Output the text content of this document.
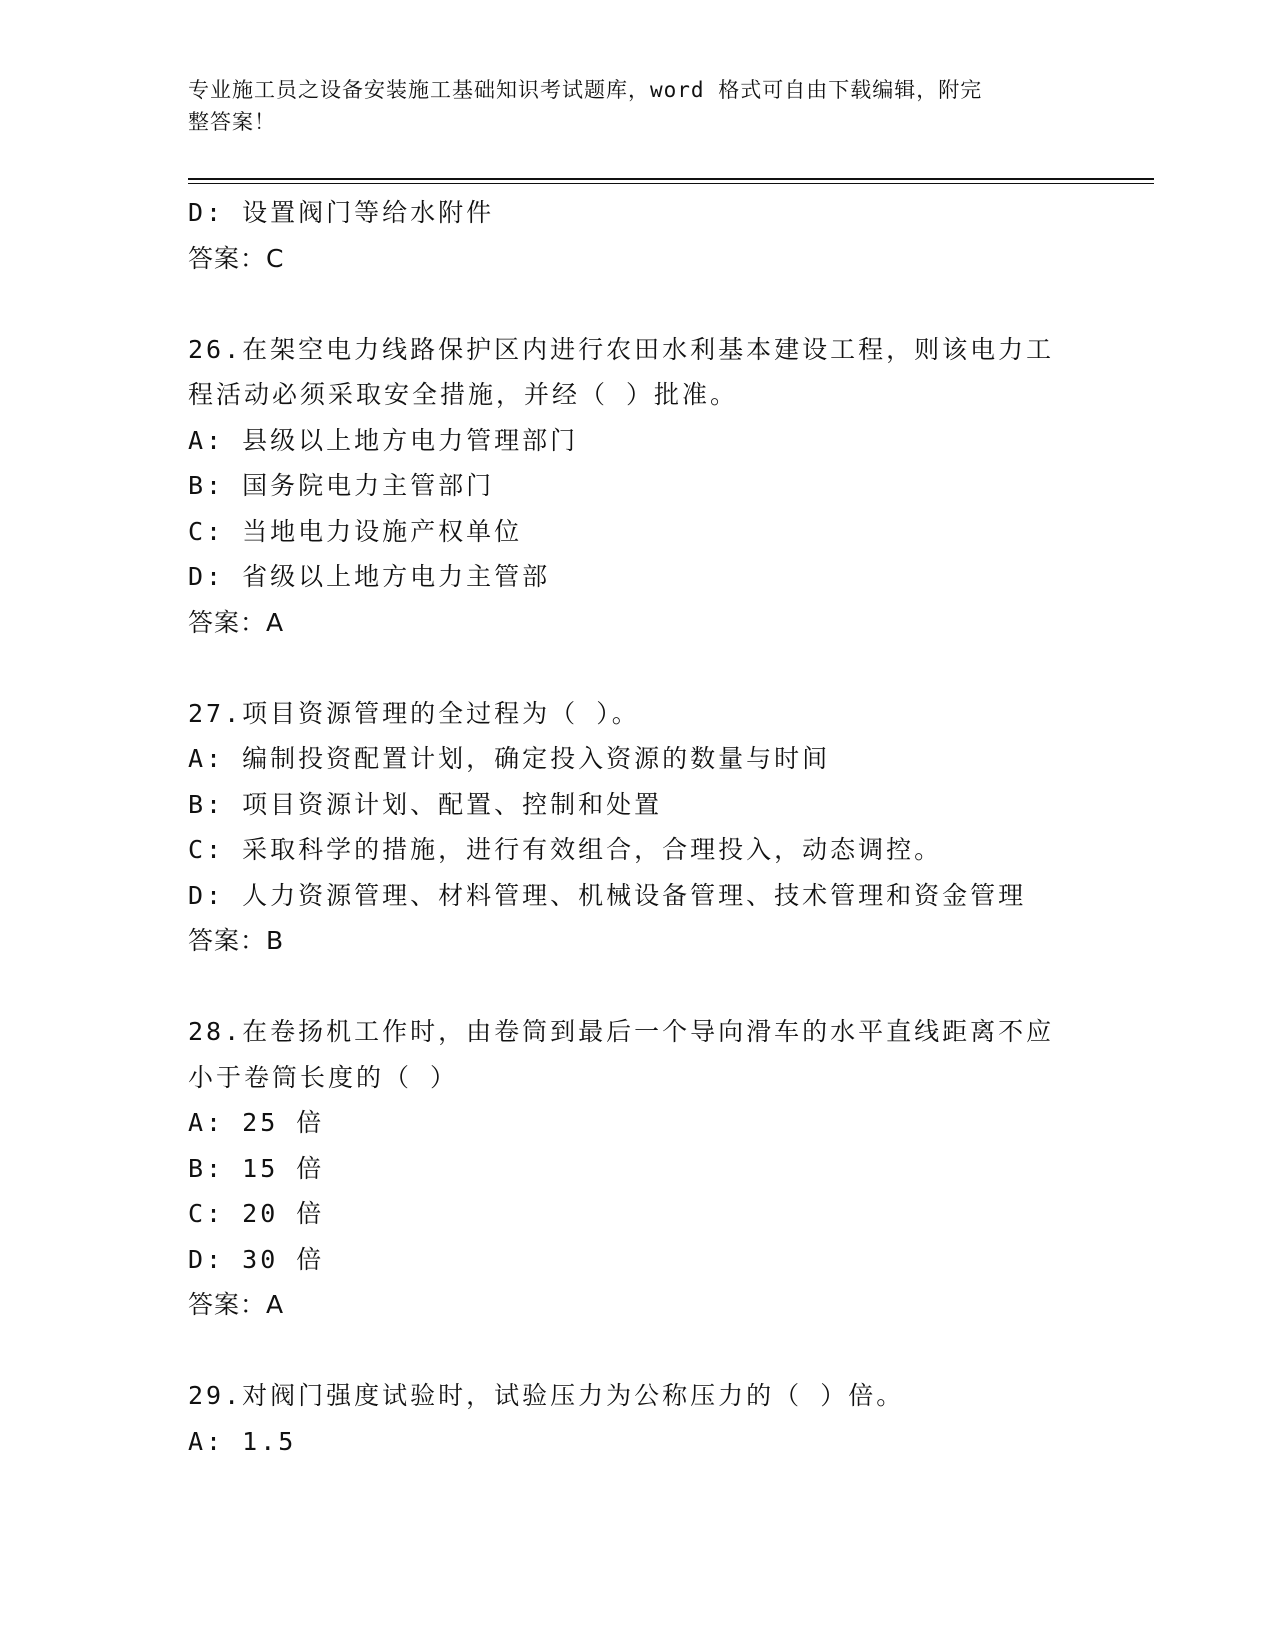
专业施工员之设备安装施工基础知识考试题库，word 格式可自由下载编辑，附完
整答案！
D: 设置阀门等给水附件
答案：C
26.在架空电力线路保护区内进行农田水利基本建设工程，则该电力工
程活动必须采取安全措施，并经（ ）批准。
A: 县级以上地方电力管理部门
B: 国务院电力主管部门
C: 当地电力设施产权单位
D: 省级以上地方电力主管部
答案：A
27.项目资源管理的全过程为（ ）。
A: 编制投资配置计划，确定投入资源的数量与时间
B: 项目资源计划、配置、控制和处置
C: 采取科学的措施，进行有效组合，合理投入，动态调控。
D: 人力资源管理、材料管理、机械设备管理、技术管理和资金管理
答案：B
28.在卷扬机工作时，由卷筒到最后一个导向滑车的水平直线距离不应
小于卷筒长度的（ ）
A: 25 倍
B: 15 倍
C: 20 倍
D: 30 倍
答案：A
29.对阀门强度试验时，试验压力为公称压力的（ ）倍。
A: 1.5
